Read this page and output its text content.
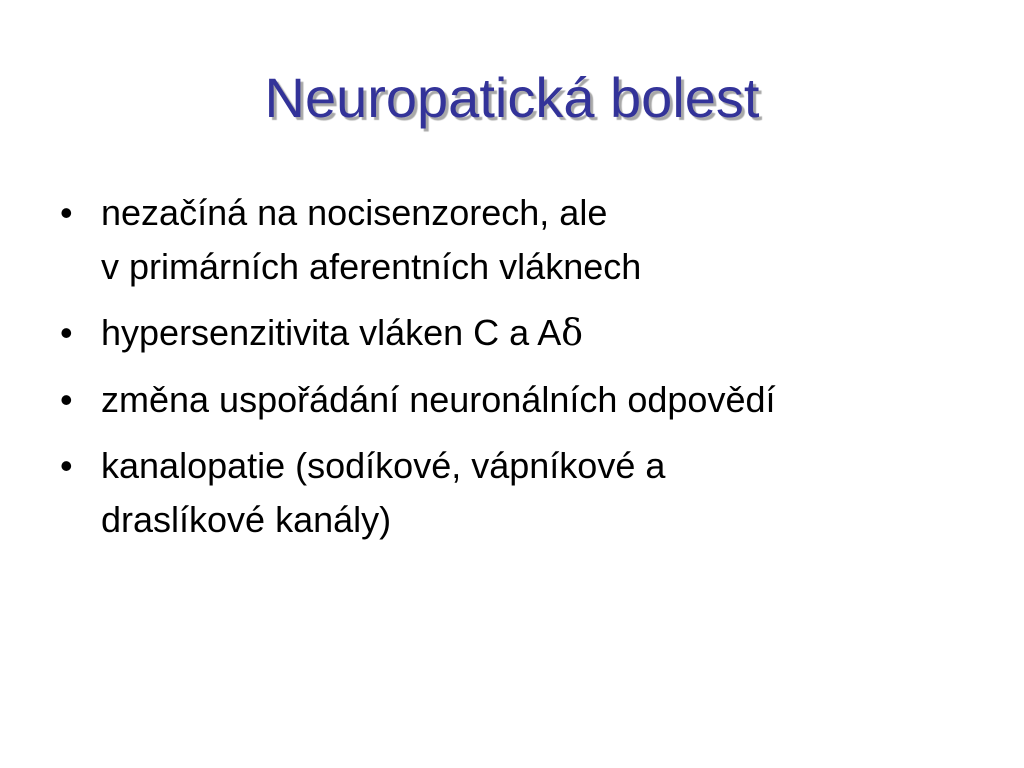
Neuropatická bolest
• nezačíná na nocisenzorech, ale
v primárních aferentních vláknech
• hypersenzitivita vláken C a Aδ
• změna uspořádání neuronálních odpovědí
• kanalopatie (sodíkové, vápníkové a
draslíkové kanály)
